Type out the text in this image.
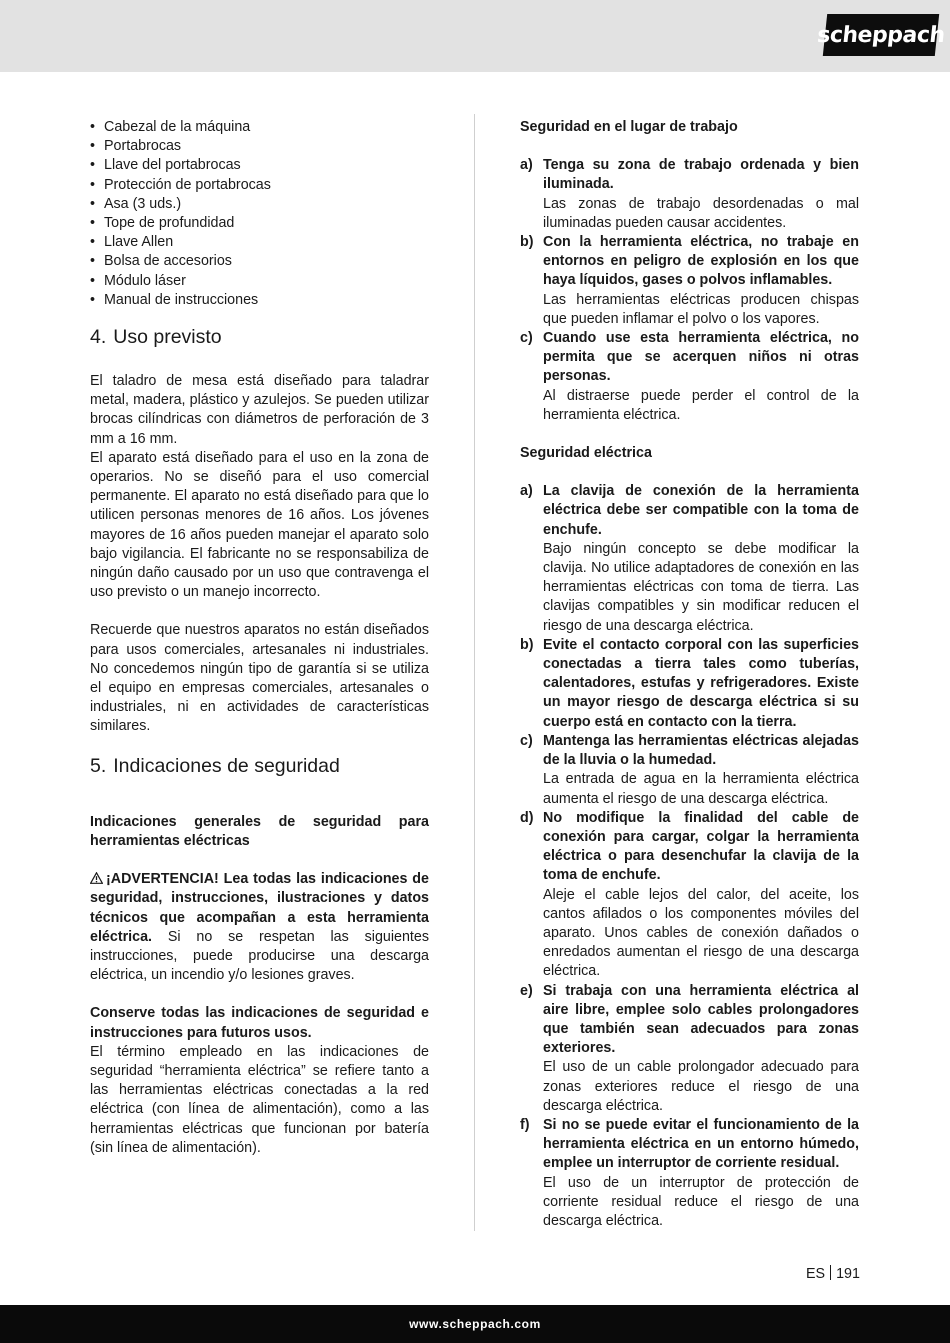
scheppach
• Cabezal de la máquina
• Portabrocas
• Llave del portabrocas
• Protección de portabrocas
• Asa (3 uds.)
• Tope de profundidad
• Llave Allen
• Bolsa de accesorios
• Módulo láser
• Manual de instrucciones
4. Uso previsto

El taladro de mesa está diseñado para taladrar metal, madera, plástico y azulejos. Se pueden utilizar brocas cilíndricas con diámetros de perforación de 3 mm a 16 mm.

El aparato está diseñado para el uso en la zona de operarios. No se diseñó para el uso comercial permanente. El aparato no está diseñado para que lo utilicen personas menores de 16 años. Los jóvenes mayores de 16 años pueden manejar el aparato solo bajo vigilancia. El fabricante no se responsabiliza de ningún daño causado por un uso que contravenga el uso previsto o un manejo incorrecto.

Recuerde que nuestros aparatos no están diseñados para usos comerciales, artesanales ni industriales. No concedemos ningún tipo de garantía si se utiliza el equipo en empresas comerciales, artesanales o industriales, ni en actividades de características similares.

5. Indicaciones de seguridad

Indicaciones generales de seguridad para herramientas eléctricas

¡ADVERTENCIA! Lea todas las indicaciones de seguridad, instrucciones, ilustraciones y datos técnicos que acompañan a esta herramienta eléctrica. Si no se respetan las siguientes instrucciones, puede producirse una descarga eléctrica, un incendio y/o lesiones graves.

Conserve todas las indicaciones de seguridad e instrucciones para futuros usos.

El término empleado en las indicaciones de seguridad “herramienta eléctrica” se refiere tanto a las herramientas eléctricas conectadas a la red eléctrica (con línea de alimentación), como a las herramientas eléctricas que funcionan por batería (sin línea de alimentación).

Seguridad en el lugar de trabajo

a) Tenga su zona de trabajo ordenada y bien iluminada.
Las zonas de trabajo desordenadas o mal iluminadas pueden causar accidentes.
b) Con la herramienta eléctrica, no trabaje en entornos en peligro de explosión en los que haya líquidos, gases o polvos inflamables.
Las herramientas eléctricas producen chispas que pueden inflamar el polvo o los vapores.
c) Cuando use esta herramienta eléctrica, no permita que se acerquen niños ni otras personas.
Al distraerse puede perder el control de la herramienta eléctrica.

Seguridad eléctrica

a) La clavija de conexión de la herramienta eléctrica debe ser compatible con la toma de enchufe.
Bajo ningún concepto se debe modificar la clavija. No utilice adaptadores de conexión en las herramientas eléctricas con toma de tierra. Las clavijas compatibles y sin modificar reducen el riesgo de una descarga eléctrica.
b) Evite el contacto corporal con las superficies conectadas a tierra tales como tuberías, calentadores, estufas y refrigeradores. Existe un mayor riesgo de descarga eléctrica si su cuerpo está en contacto con la tierra.
c) Mantenga las herramientas eléctricas alejadas de la lluvia o la humedad.
La entrada de agua en la herramienta eléctrica aumenta el riesgo de una descarga eléctrica.
d) No modifique la finalidad del cable de conexión para cargar, colgar la herramienta eléctrica o para desenchufar la clavija de la toma de enchufe.
Aleje el cable lejos del calor, del aceite, los cantos afilados o los componentes móviles del aparato. Unos cables de conexión dañados o enredados aumentan el riesgo de una descarga eléctrica.
e) Si trabaja con una herramienta eléctrica al aire libre, emplee solo cables prolongadores que también sean adecuados para zonas exteriores.
El uso de un cable prolongador adecuado para zonas exteriores reduce el riesgo de una descarga eléctrica.
f) Si no se puede evitar el funcionamiento de la herramienta eléctrica en un entorno húmedo, emplee un interruptor de corriente residual.
El uso de un interruptor de protección de corriente residual reduce el riesgo de una descarga eléctrica.
ES 191
www.scheppach.com
